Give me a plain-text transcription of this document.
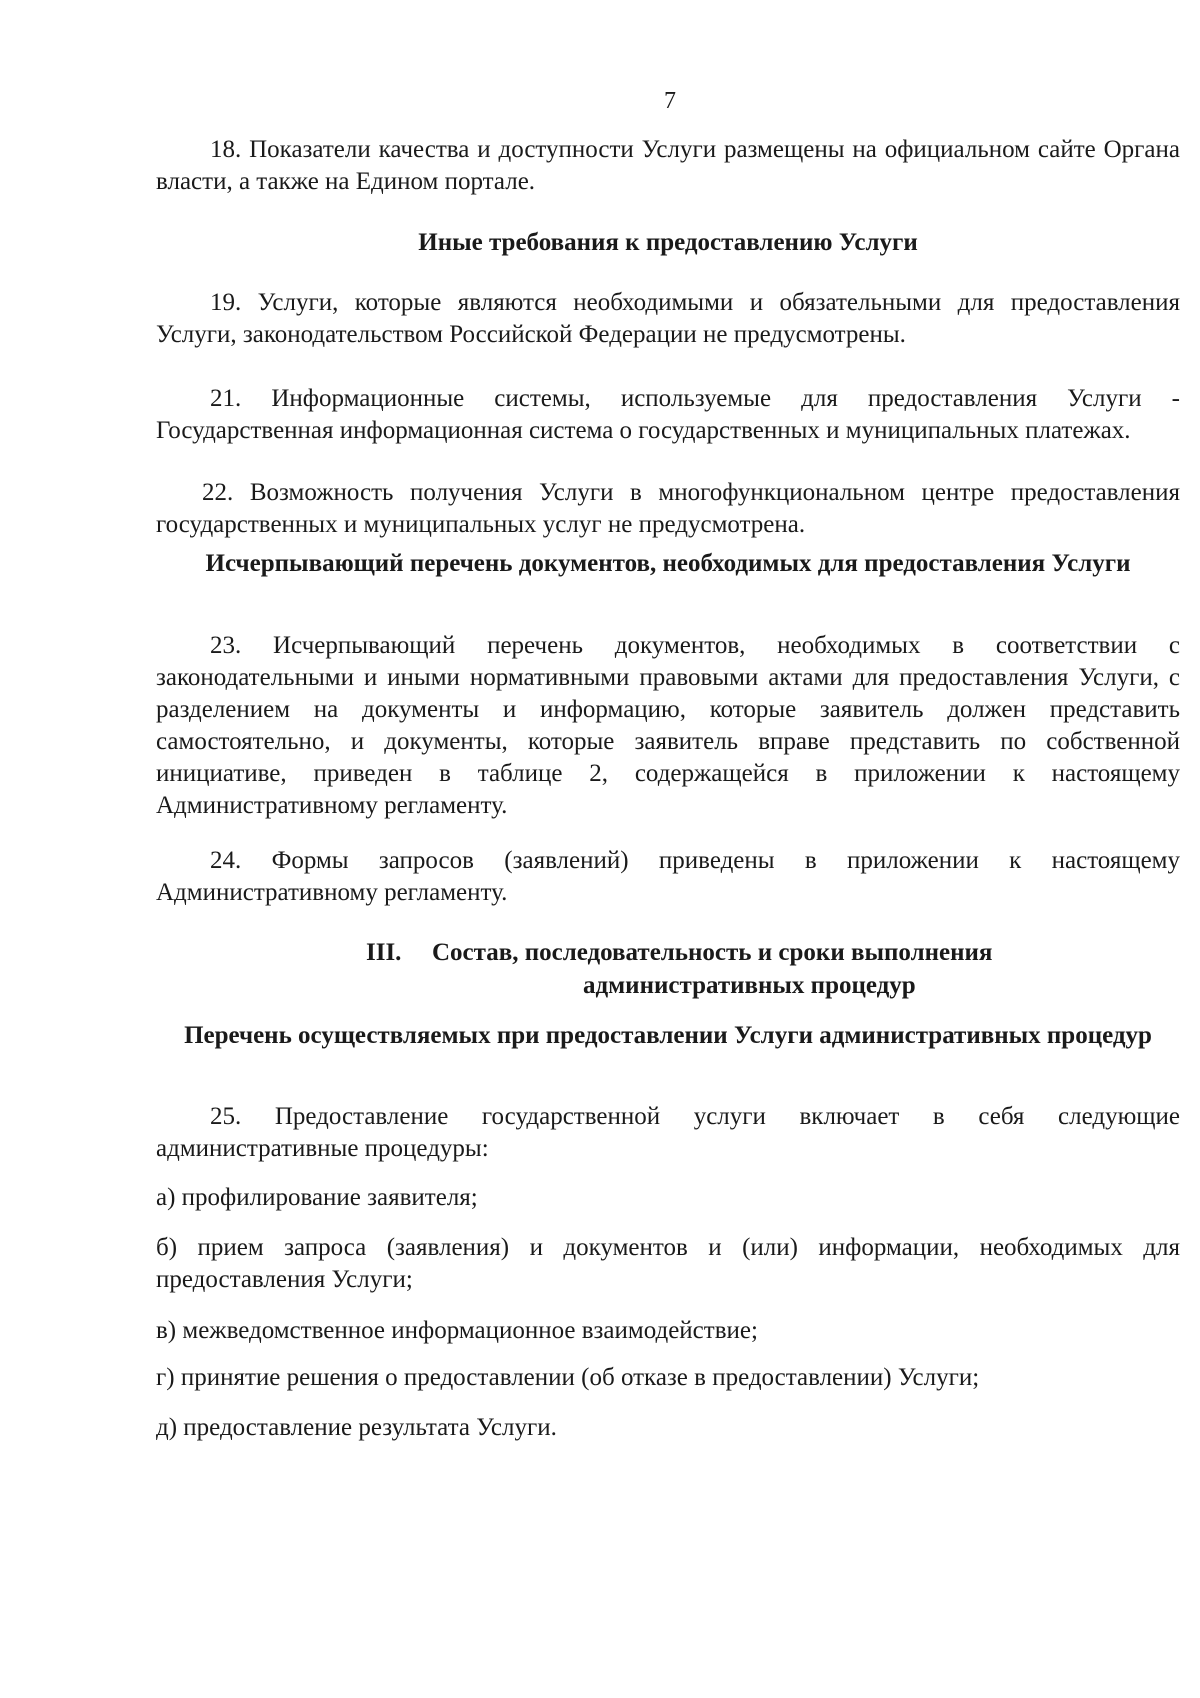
7

18. Показатели качества и доступности Услуги размещены на официальном сайте Органа власти, а также на Едином портале.

Иные требования к предоставлению Услуги

19. Услуги, которые являются необходимыми и обязательными для предоставления Услуги, законодательством Российской Федерации не предусмотрены.

21. Информационные системы, используемые для предоставления Услуги - Государственная информационная система о государственных и муниципальных платежах.

22. Возможность получения Услуги в многофункциональном центре предоставления государственных и муниципальных услуг не предусмотрена.

Исчерпывающий перечень документов, необходимых для предоставления Услуги

23. Исчерпывающий перечень документов, необходимых в соответствии с законодательными и иными нормативными правовыми актами для предоставления Услуги, с разделением на документы и информацию, которые заявитель должен представить самостоятельно, и документы, которые заявитель вправе представить по собственной инициативе, приведен в таблице 2, содержащейся в приложении к настоящему Административному регламенту.

24. Формы запросов (заявлений) приведены в приложении к настоящему Административному регламенту.

III. Состав, последовательность и сроки выполнения
административных процедур
Перечень осуществляемых при предоставлении Услуги административных процедур

25. Предоставление государственной услуги включает в себя следующие административные процедуры:

а) профилирование заявителя;

б) прием запроса (заявления) и документов и (или) информации, необходимых для предоставления Услуги;

в) межведомственное информационное взаимодействие;

г) принятие решения о предоставлении (об отказе в предоставлении) Услуги;

д) предоставление результата Услуги.
